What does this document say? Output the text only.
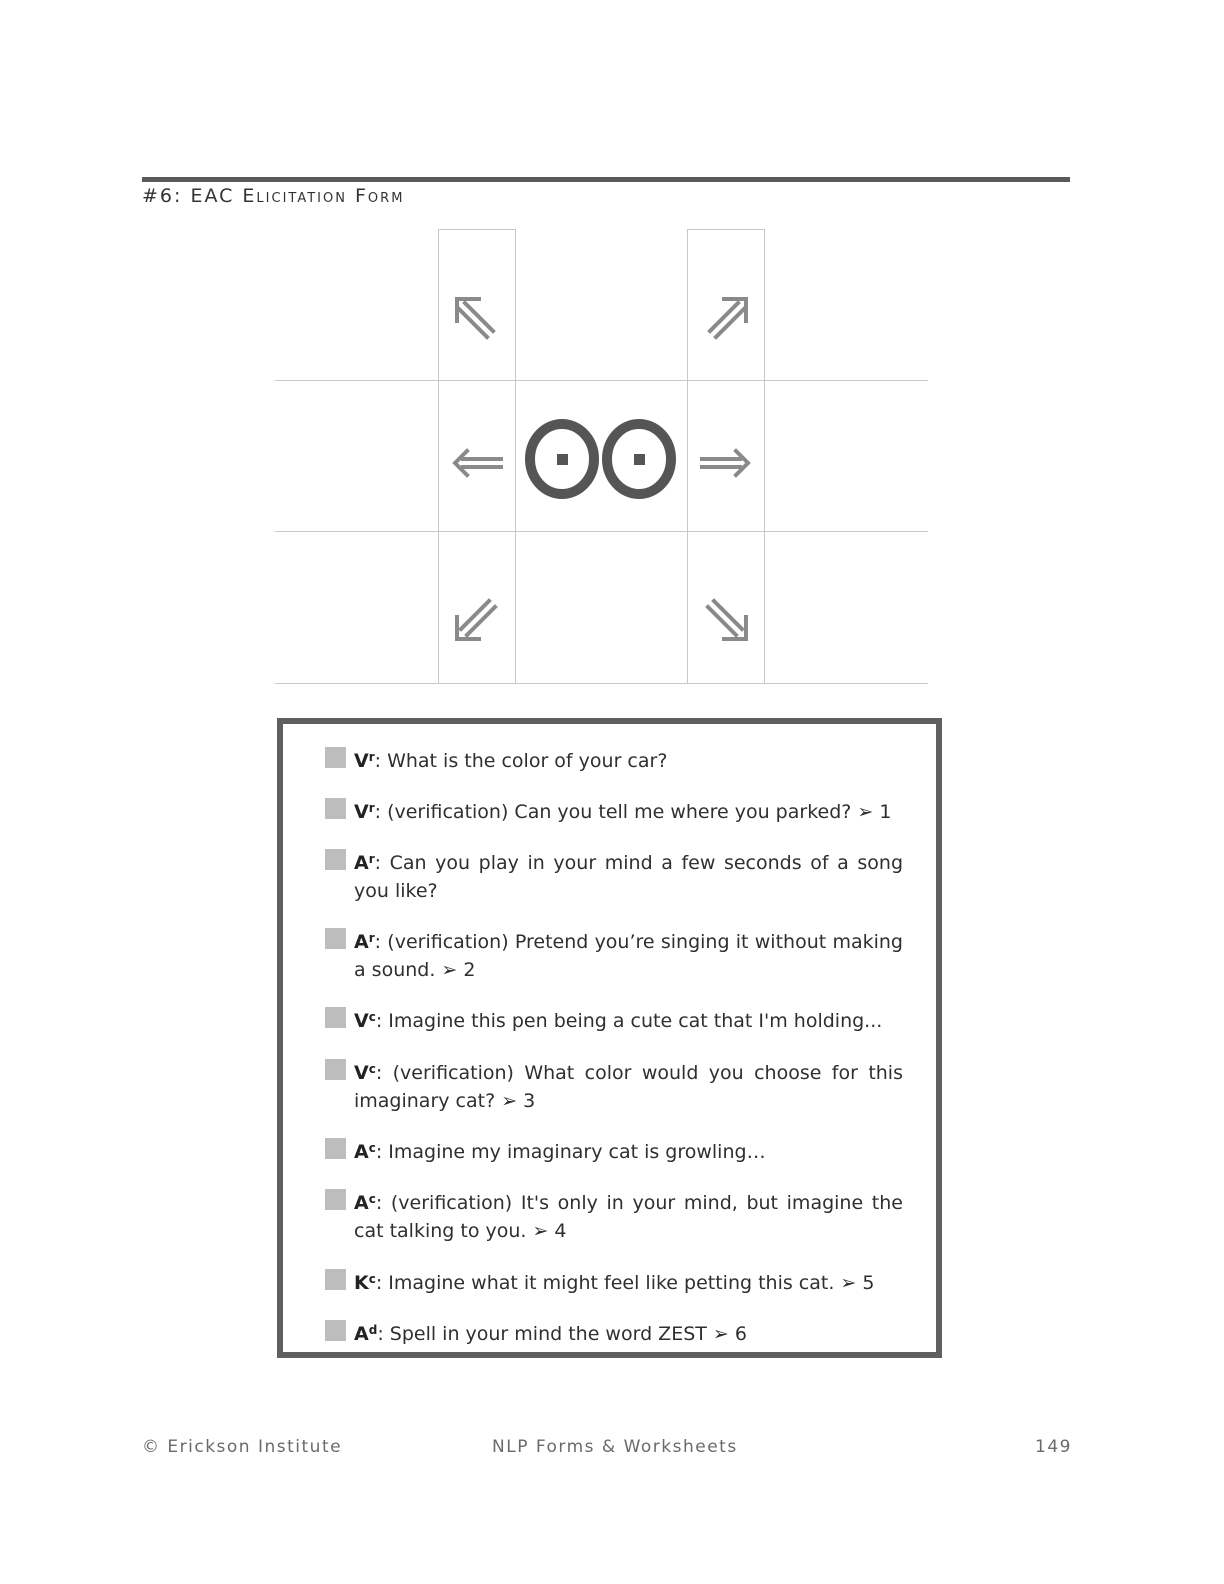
#6: EAC Elicitation Form
$V^r$: What is the color of your car?
$V^r$: (verification) Can you tell me where you parked? ➢ 1
$A^r$: Can you play in your mind a few seconds of a song you like?
$A^r$: (verification) Pretend you’re singing it without making a sound. ➢ 2
$V^c$: Imagine this pen being a cute cat that I'm holding...
$V^c$: (verification) What color would you choose for this imaginary cat? ➢ 3
$A^c$: Imagine my imaginary cat is growling…
$A^c$: (verification) It's only in your mind, but imagine the cat talking to you. ➢ 4
$K^c$: Imagine what it might feel like petting this cat. ➢ 5
$A^d$: Spell in your mind the word ZEST ➢ 6
© Erickson Institute	NLP Forms & Worksheets	149
